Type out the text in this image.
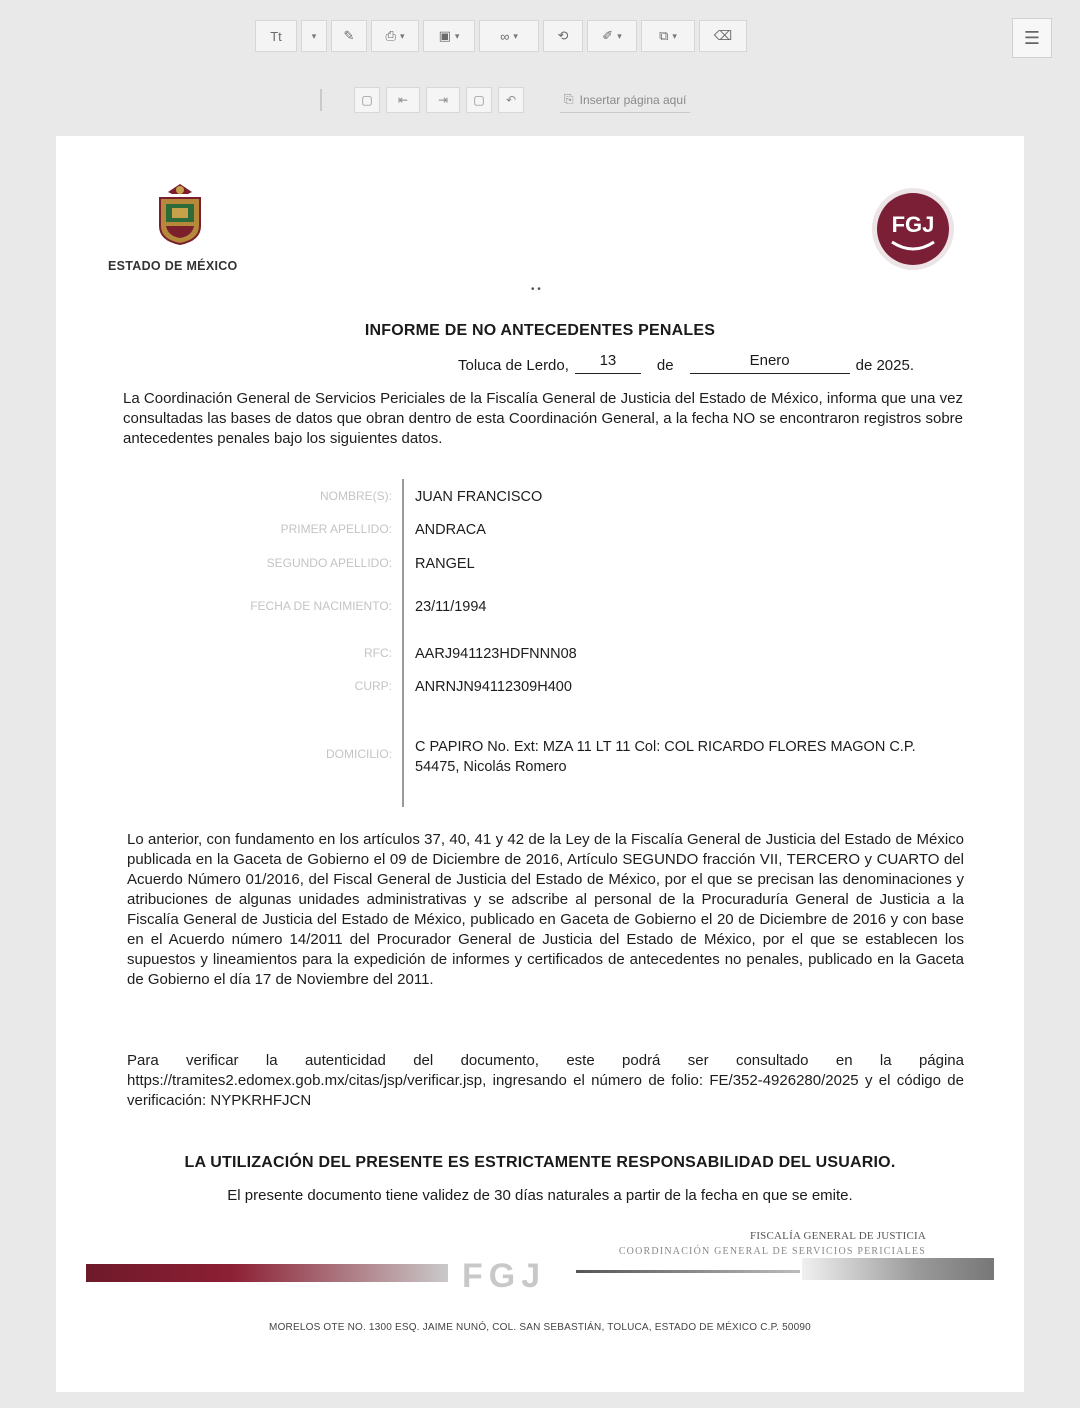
Tt	▾ ✎ ⎙ ▾	▣ ▾	∞ ▾	⟲	✐ ▾	⧉ ▾	⌫	☰
▢ ⇤ ⇥ ▢ ↶	⎘ Insertar página aquí
ESTADO DE MÉXICO
FGJ
• •
INFORME DE NO ANTECEDENTES PENALES
Toluca de Lerdo,	13	de	Enero	de 2025.
La Coordinación General de Servicios Periciales de la Fiscalía General de Justicia del Estado de México, informa que una vez consultadas las bases de datos que obran dentro de esta Coordinación General, a la fecha NO se encontraron registros sobre antecedentes penales bajo los siguientes datos.
NOMBRE(S): JUAN FRANCISCO
PRIMER APELLIDO: ANDRACA
SEGUNDO APELLIDO: RANGEL
FECHA DE NACIMIENTO: 23/11/1994
RFC: AARJ941123HDFNNN08
CURP: ANRNJN94112309H400
DOMICILIO: C PAPIRO No. Ext: MZA 11 LT 11 Col: COL RICARDO FLORES MAGON C.P. 54475, Nicolás Romero
Lo anterior, con fundamento en los artículos 37, 40, 41 y 42 de la Ley de la Fiscalía General de Justicia del Estado de México publicada en la Gaceta de Gobierno el 09 de Diciembre de 2016, Artículo SEGUNDO fracción VII, TERCERO y CUARTO del Acuerdo Número 01/2016, del Fiscal General de Justicia del Estado de México, por el que se precisan las denominaciones y atribuciones de algunas unidades administrativas y se adscribe al personal de la Procuraduría General de Justicia a la Fiscalía General de Justicia del Estado de México, publicado en Gaceta de Gobierno el 20 de Diciembre de 2016 y con base en el Acuerdo número 14/2011 del Procurador General de Justicia del Estado de México, por el que se establecen los supuestos y lineamientos para la expedición de informes y certificados de antecedentes no penales, publicado en la Gaceta de Gobierno el día 17 de Noviembre del 2011.
Para verificar la autenticidad del documento, este podrá ser consultado en la página https://tramites2.edomex.gob.mx/citas/jsp/verificar.jsp, ingresando el número de folio: FE/352-4926280/2025 y el código de verificación: NYPKRHFJCN
LA UTILIZACIÓN DEL PRESENTE ES ESTRICTAMENTE RESPONSABILIDAD DEL USUARIO.
El presente documento tiene validez de 30 días naturales a partir de la fecha en que se emite.
FISCALÍA GENERAL DE JUSTICIA
COORDINACIÓN GENERAL DE SERVICIOS PERICIALES
FGJ
MORELOS OTE NO. 1300 ESQ. JAIME NUNÓ, COL. SAN SEBASTIÁN, TOLUCA, ESTADO DE MÉXICO C.P. 50090
